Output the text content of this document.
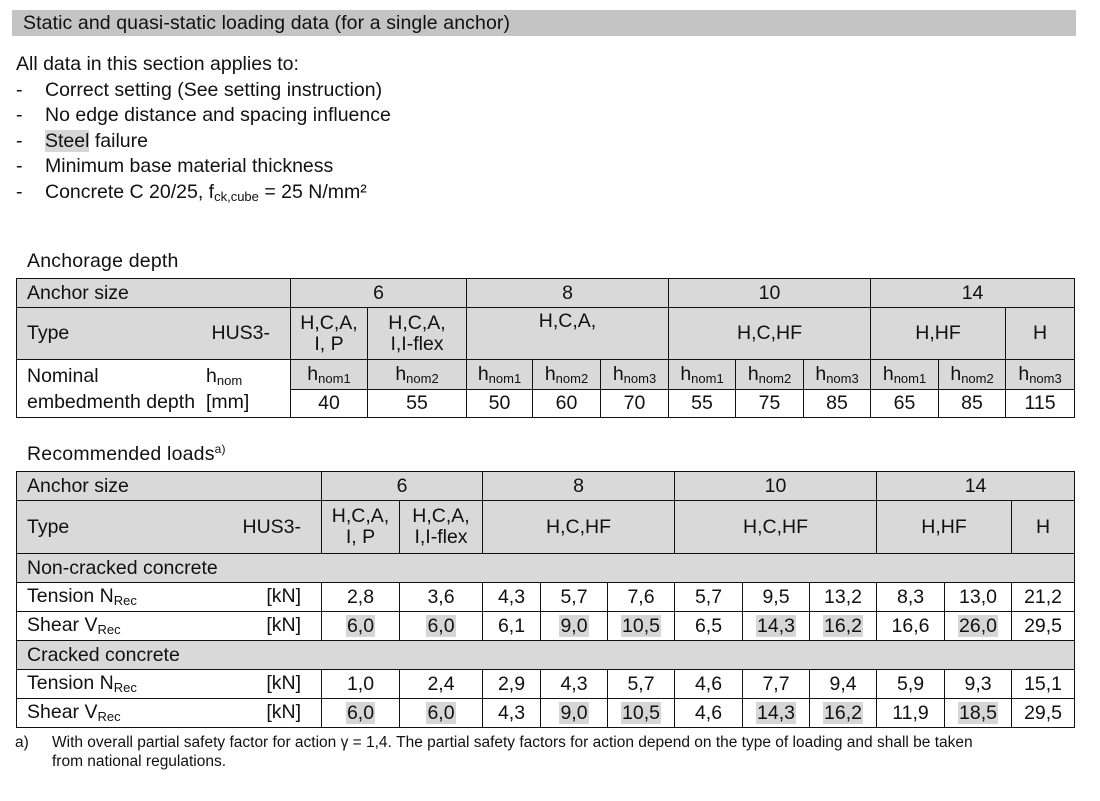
Static and quasi-static loading data (for a single anchor)
All data in this section applies to:
- Correct setting (See setting instruction)
- No edge distance and spacing influence
- Steel failure
- Minimum base material thickness
- Concrete C 20/25, fck,cube = 25 N/mm²
Anchorage depth
Anchor size	6		8			10			14		

Type HUS3-	H,C,A, I, P	H,C,A, I,I-flex	H,C,A,			H,C,HF			H,HF		H

Nominal hnom
embedmenth depth [mm]	hnom1	hnom2	hnom1	hnom2	hnom3	hnom1	hnom2	hnom3	hnom1	hnom2	hnom3
	40	55	50	60	70	55	75	85	65	85	115
Recommended loads$^{a)}$
Anchor size	6		8			10			14		

Type HUS3-	H,C,A, I, P	H,C,A, I,I-flex	H,C,HF			H,C,HF			H,HF		H
Non-cracked concrete											

Tension NRec [kN]	2,8	3,6	4,3	5,7	7,6	5,7	9,5	13,2	8,3	13,0	21,2

Shear VRec [kN]	6,0	6,0	6,1	9,0	10,5	6,5	14,3	16,2	16,6	26,0	29,5
Cracked concrete											

Tension NRec [kN]	1,0	2,4	2,9	4,3	5,7	4,6	7,7	9,4	5,9	9,3	15,1

Shear VRec [kN]	6,0	6,0	4,3	9,0	10,5	4,6	14,3	16,2	11,9	18,5	29,5
a) With overall partial safety factor for action γ = 1,4. The partial safety factors for action depend on the type of loading and shall be taken
from national regulations.
